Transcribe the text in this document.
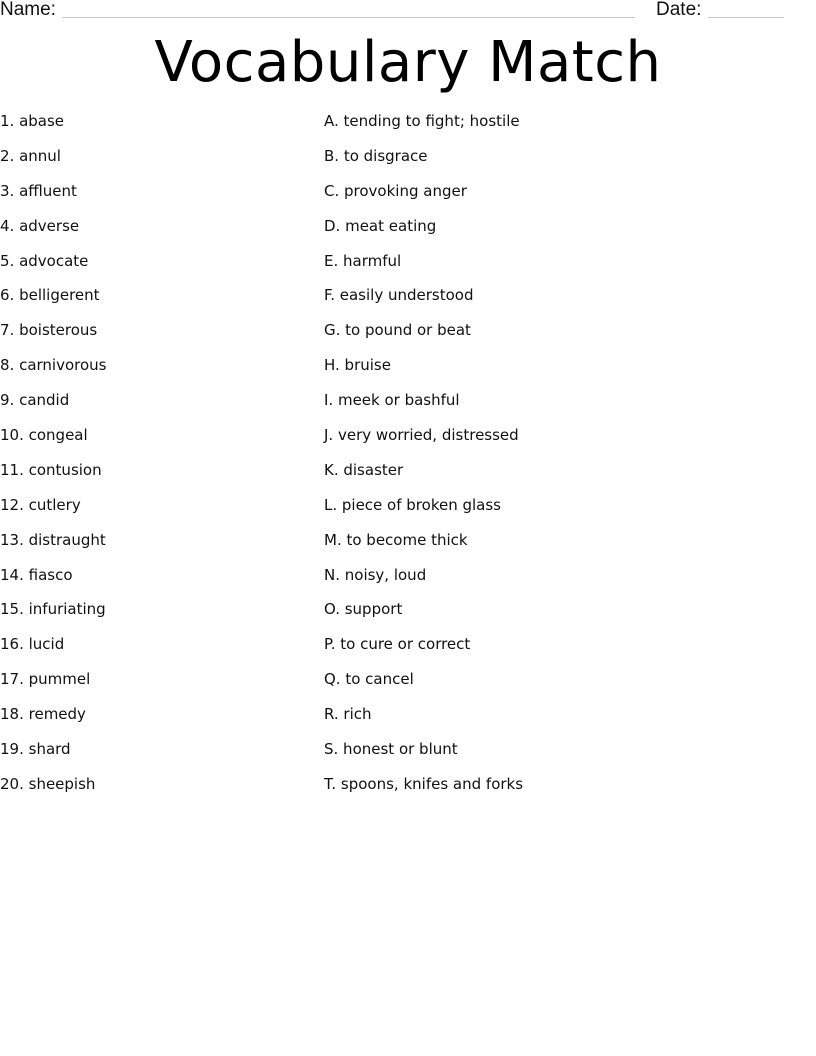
Name:	Date:
Vocabulary Match
1. abase	A. tending to fight; hostile
2. annul	B. to disgrace
3. affluent	C. provoking anger
4. adverse	D. meat eating
5. advocate	E. harmful
6. belligerent	F. easily understood
7. boisterous	G. to pound or beat
8. carnivorous	H. bruise
9. candid	I. meek or bashful
10. congeal	J. very worried, distressed
11. contusion	K. disaster
12. cutlery	L. piece of broken glass
13. distraught	M. to become thick
14. fiasco	N. noisy, loud
15. infuriating	O. support
16. lucid	P. to cure or correct
17. pummel	Q. to cancel
18. remedy	R. rich
19. shard	S. honest or blunt
20. sheepish	T. spoons, knifes and forks
